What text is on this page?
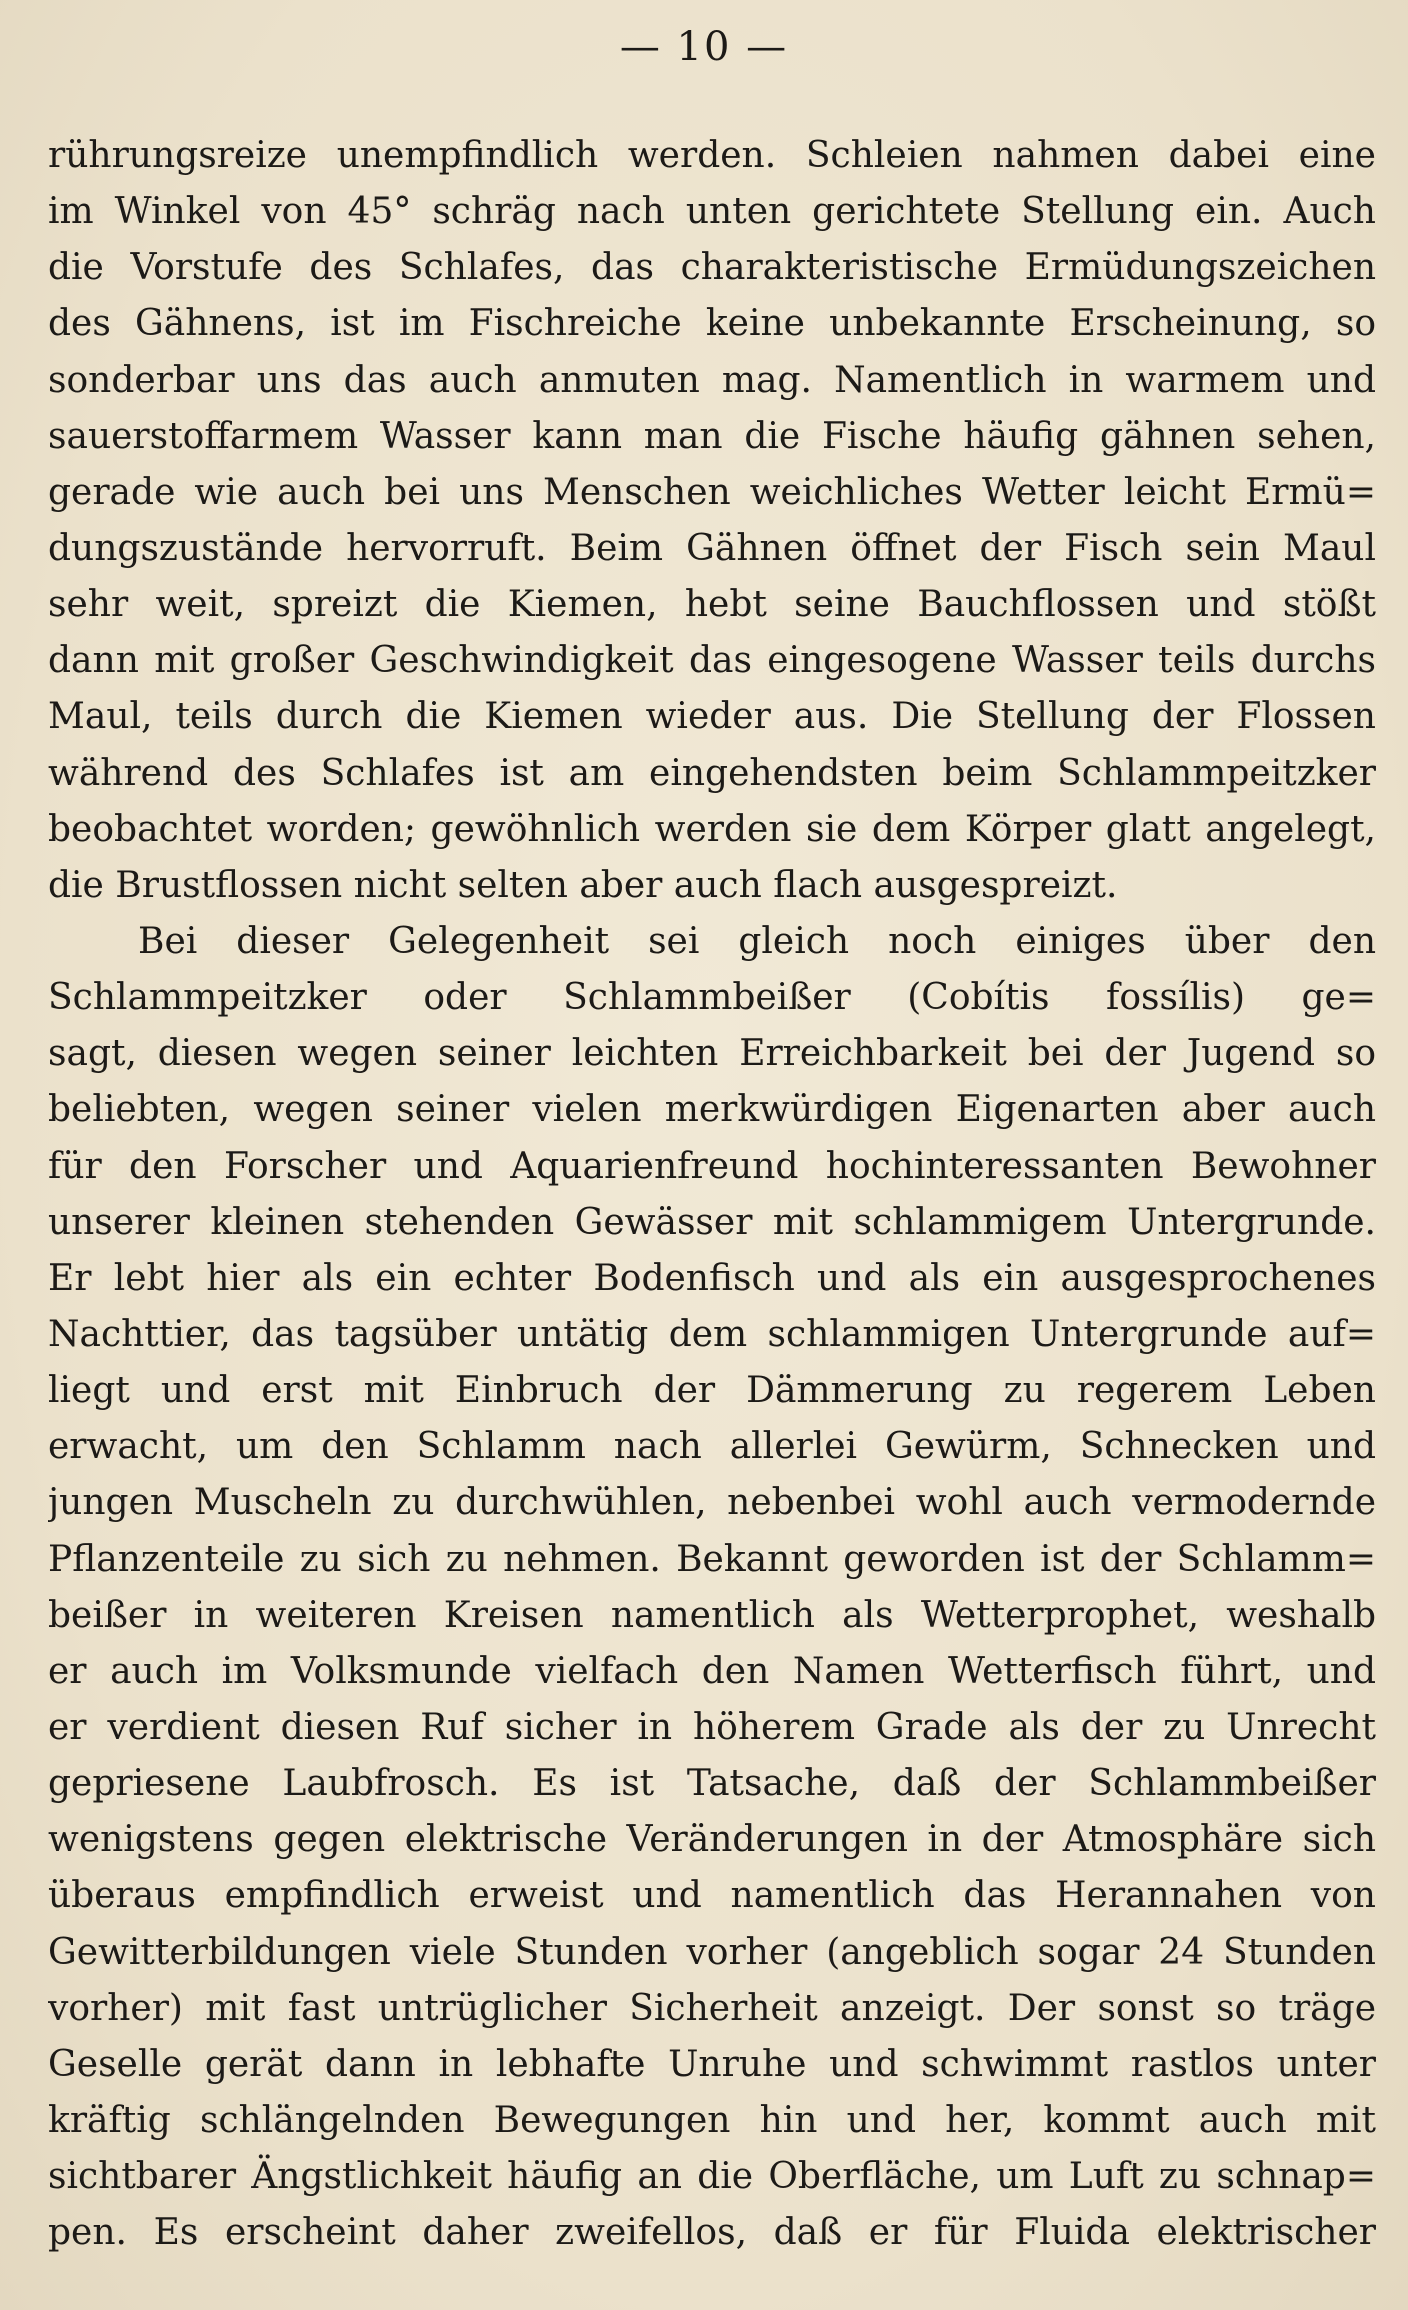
— 10 —
rührungsreize unempfindlich werden. Schleien nahmen dabei eine
im Winkel von 45° schräg nach unten gerichtete Stellung ein. Auch
die Vorstufe des Schlafes, das charakteristische Ermüdungszeichen
des Gähnens, ist im Fischreiche keine unbekannte Erscheinung, so
sonderbar uns das auch anmuten mag. Namentlich in warmem und
sauerstoffarmem Wasser kann man die Fische häufig gähnen sehen,
gerade wie auch bei uns Menschen weichliches Wetter leicht Ermü=
dungszustände hervorruft. Beim Gähnen öffnet der Fisch sein Maul
sehr weit, spreizt die Kiemen, hebt seine Bauchflossen und stößt
dann mit großer Geschwindigkeit das eingesogene Wasser teils durchs
Maul, teils durch die Kiemen wieder aus. Die Stellung der Flossen
während des Schlafes ist am eingehendsten beim Schlammpeitzker
beobachtet worden; gewöhnlich werden sie dem Körper glatt angelegt,
die Brustflossen nicht selten aber auch flach ausgespreizt.
Bei dieser Gelegenheit sei gleich noch einiges über den
Schlammpeitzker oder Schlammbeißer (Cobítis fossílis) ge=
sagt, diesen wegen seiner leichten Erreichbarkeit bei der Jugend so
beliebten, wegen seiner vielen merkwürdigen Eigenarten aber auch
für den Forscher und Aquarienfreund hochinteressanten Bewohner
unserer kleinen stehenden Gewässer mit schlammigem Untergrunde.
Er lebt hier als ein echter Bodenfisch und als ein ausgesprochenes
Nachttier, das tagsüber untätig dem schlammigen Untergrunde auf=
liegt und erst mit Einbruch der Dämmerung zu regerem Leben
erwacht, um den Schlamm nach allerlei Gewürm, Schnecken und
jungen Muscheln zu durchwühlen, nebenbei wohl auch vermodernde
Pflanzenteile zu sich zu nehmen. Bekannt geworden ist der Schlamm=
beißer in weiteren Kreisen namentlich als Wetterprophet, weshalb
er auch im Volksmunde vielfach den Namen Wetterfisch führt, und
er verdient diesen Ruf sicher in höherem Grade als der zu Unrecht
gepriesene Laubfrosch. Es ist Tatsache, daß der Schlammbeißer
wenigstens gegen elektrische Veränderungen in der Atmosphäre sich
überaus empfindlich erweist und namentlich das Herannahen von
Gewitterbildungen viele Stunden vorher (angeblich sogar 24 Stunden
vorher) mit fast untrüglicher Sicherheit anzeigt. Der sonst so träge
Geselle gerät dann in lebhafte Unruhe und schwimmt rastlos unter
kräftig schlängelnden Bewegungen hin und her, kommt auch mit
sichtbarer Ängstlichkeit häufig an die Oberfläche, um Luft zu schnap=
pen. Es erscheint daher zweifellos, daß er für Fluida elektrischer
